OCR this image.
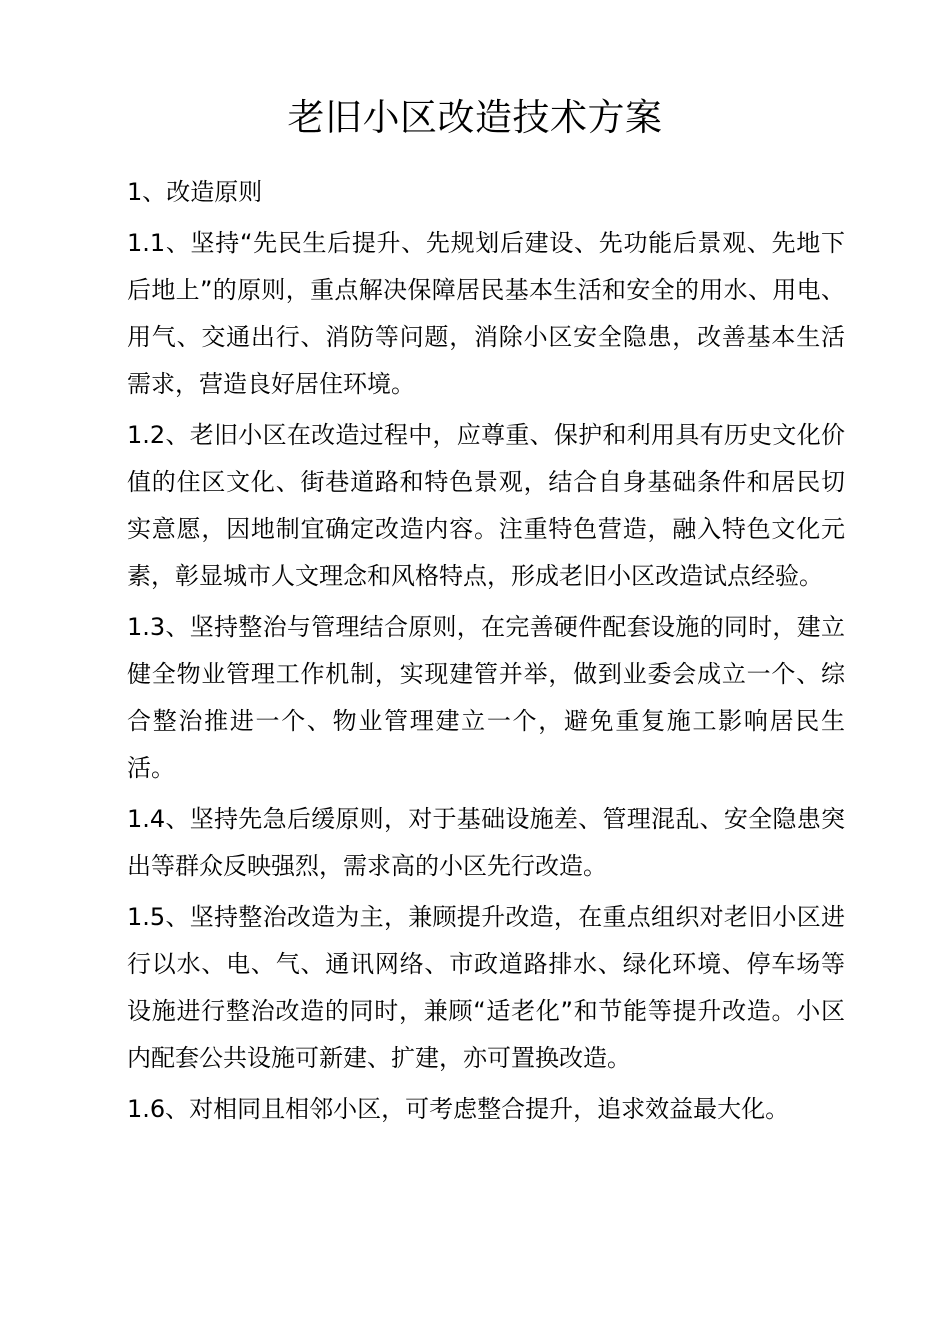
老旧小区改造技术方案

1、改造原则

1.1、坚持“先民生后提升、先规划后建设、先功能后景观、先地下后地上”的原则，重点解决保障居民基本生活和安全的用水、用电、用气、交通出行、消防等问题，消除小区安全隐患，改善基本生活需求，营造良好居住环境。

1.2、老旧小区在改造过程中，应尊重、保护和利用具有历史文化价值的住区文化、街巷道路和特色景观，结合自身基础条件和居民切实意愿，因地制宜确定改造内容。注重特色营造，融入特色文化元素，彰显城市人文理念和风格特点，形成老旧小区改造试点经验。

1.3、坚持整治与管理结合原则，在完善硬件配套设施的同时，建立健全物业管理工作机制，实现建管并举，做到业委会成立一个、综合整治推进一个、物业管理建立一个，避免重复施工影响居民生活。

1.4、坚持先急后缓原则，对于基础设施差、管理混乱、安全隐患突出等群众反映强烈，需求高的小区先行改造。

1.5、坚持整治改造为主，兼顾提升改造，在重点组织对老旧小区进行以水、电、气、通讯网络、市政道路排水、绿化环境、停车场等设施进行整治改造的同时，兼顾“适老化”和节能等提升改造。小区内配套公共设施可新建、扩建，亦可置换改造。

1.6、对相同且相邻小区，可考虑整合提升，追求效益最大化。
